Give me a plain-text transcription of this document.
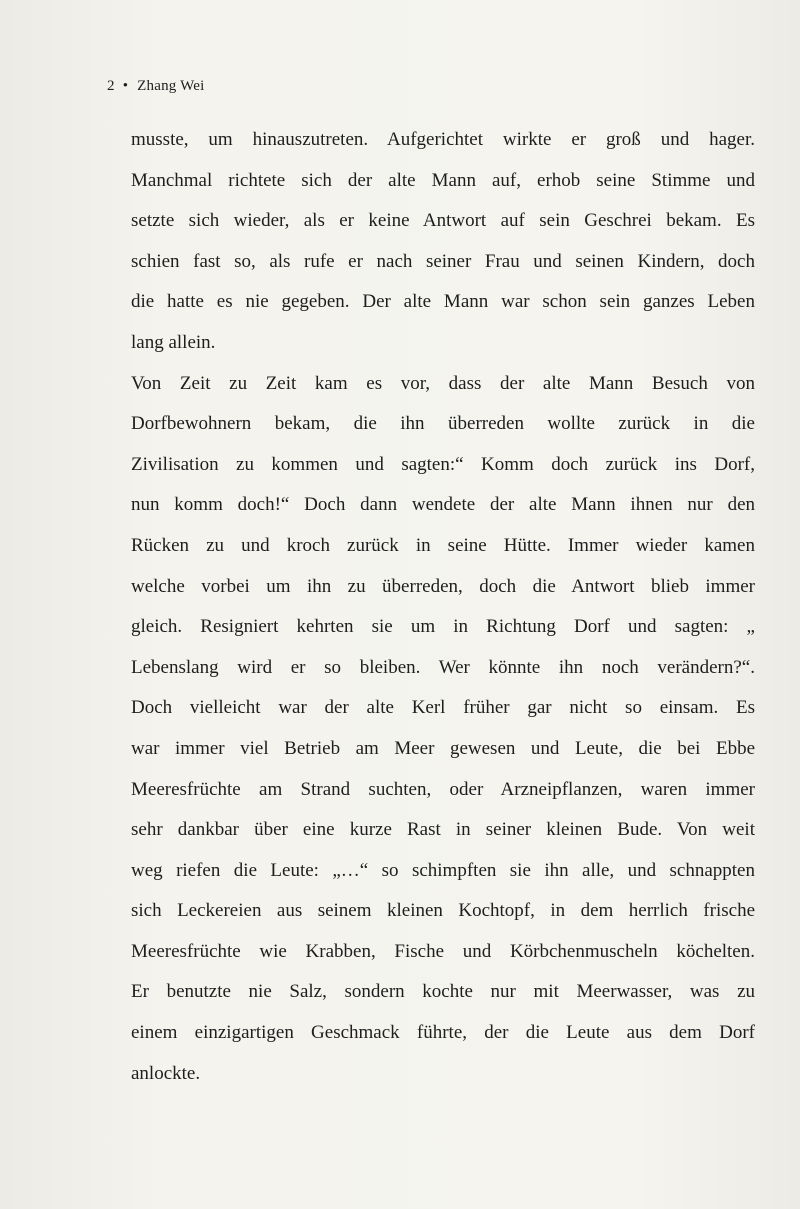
2 • Zhang Wei
musste, um hinauszutreten. Aufgerichtet wirkte er groß und hager.
Manchmal richtete sich der alte Mann auf, erhob seine Stimme und
setzte sich wieder, als er keine Antwort auf sein Geschrei bekam. Es
schien fast so, als rufe er nach seiner Frau und seinen Kindern, doch
die hatte es nie gegeben. Der alte Mann war schon sein ganzes Leben
lang allein.
Von Zeit zu Zeit kam es vor, dass der alte Mann Besuch von
Dorfbewohnern bekam, die ihn überreden wollte zurück in die
Zivilisation zu kommen und sagten:“ Komm doch zurück ins Dorf,
nun komm doch!“ Doch dann wendete der alte Mann ihnen nur den
Rücken zu und kroch zurück in seine Hütte. Immer wieder kamen
welche vorbei um ihn zu überreden, doch die Antwort blieb immer
gleich. Resigniert kehrten sie um in Richtung Dorf und sagten: „
Lebenslang wird er so bleiben. Wer könnte ihn noch verändern?“.
Doch vielleicht war der alte Kerl früher gar nicht so einsam. Es
war immer viel Betrieb am Meer gewesen und Leute, die bei Ebbe
Meeresfrüchte am Strand suchten, oder Arzneipflanzen, waren immer
sehr dankbar über eine kurze Rast in seiner kleinen Bude. Von weit
weg riefen die Leute: „…“ so schimpften sie ihn alle, und schnappten
sich Leckereien aus seinem kleinen Kochtopf, in dem herrlich frische
Meeresfrüchte wie Krabben, Fische und Körbchenmuscheln köchelten.
Er benutzte nie Salz, sondern kochte nur mit Meerwasser, was zu
einem einzigartigen Geschmack führte, der die Leute aus dem Dorf
anlockte.
